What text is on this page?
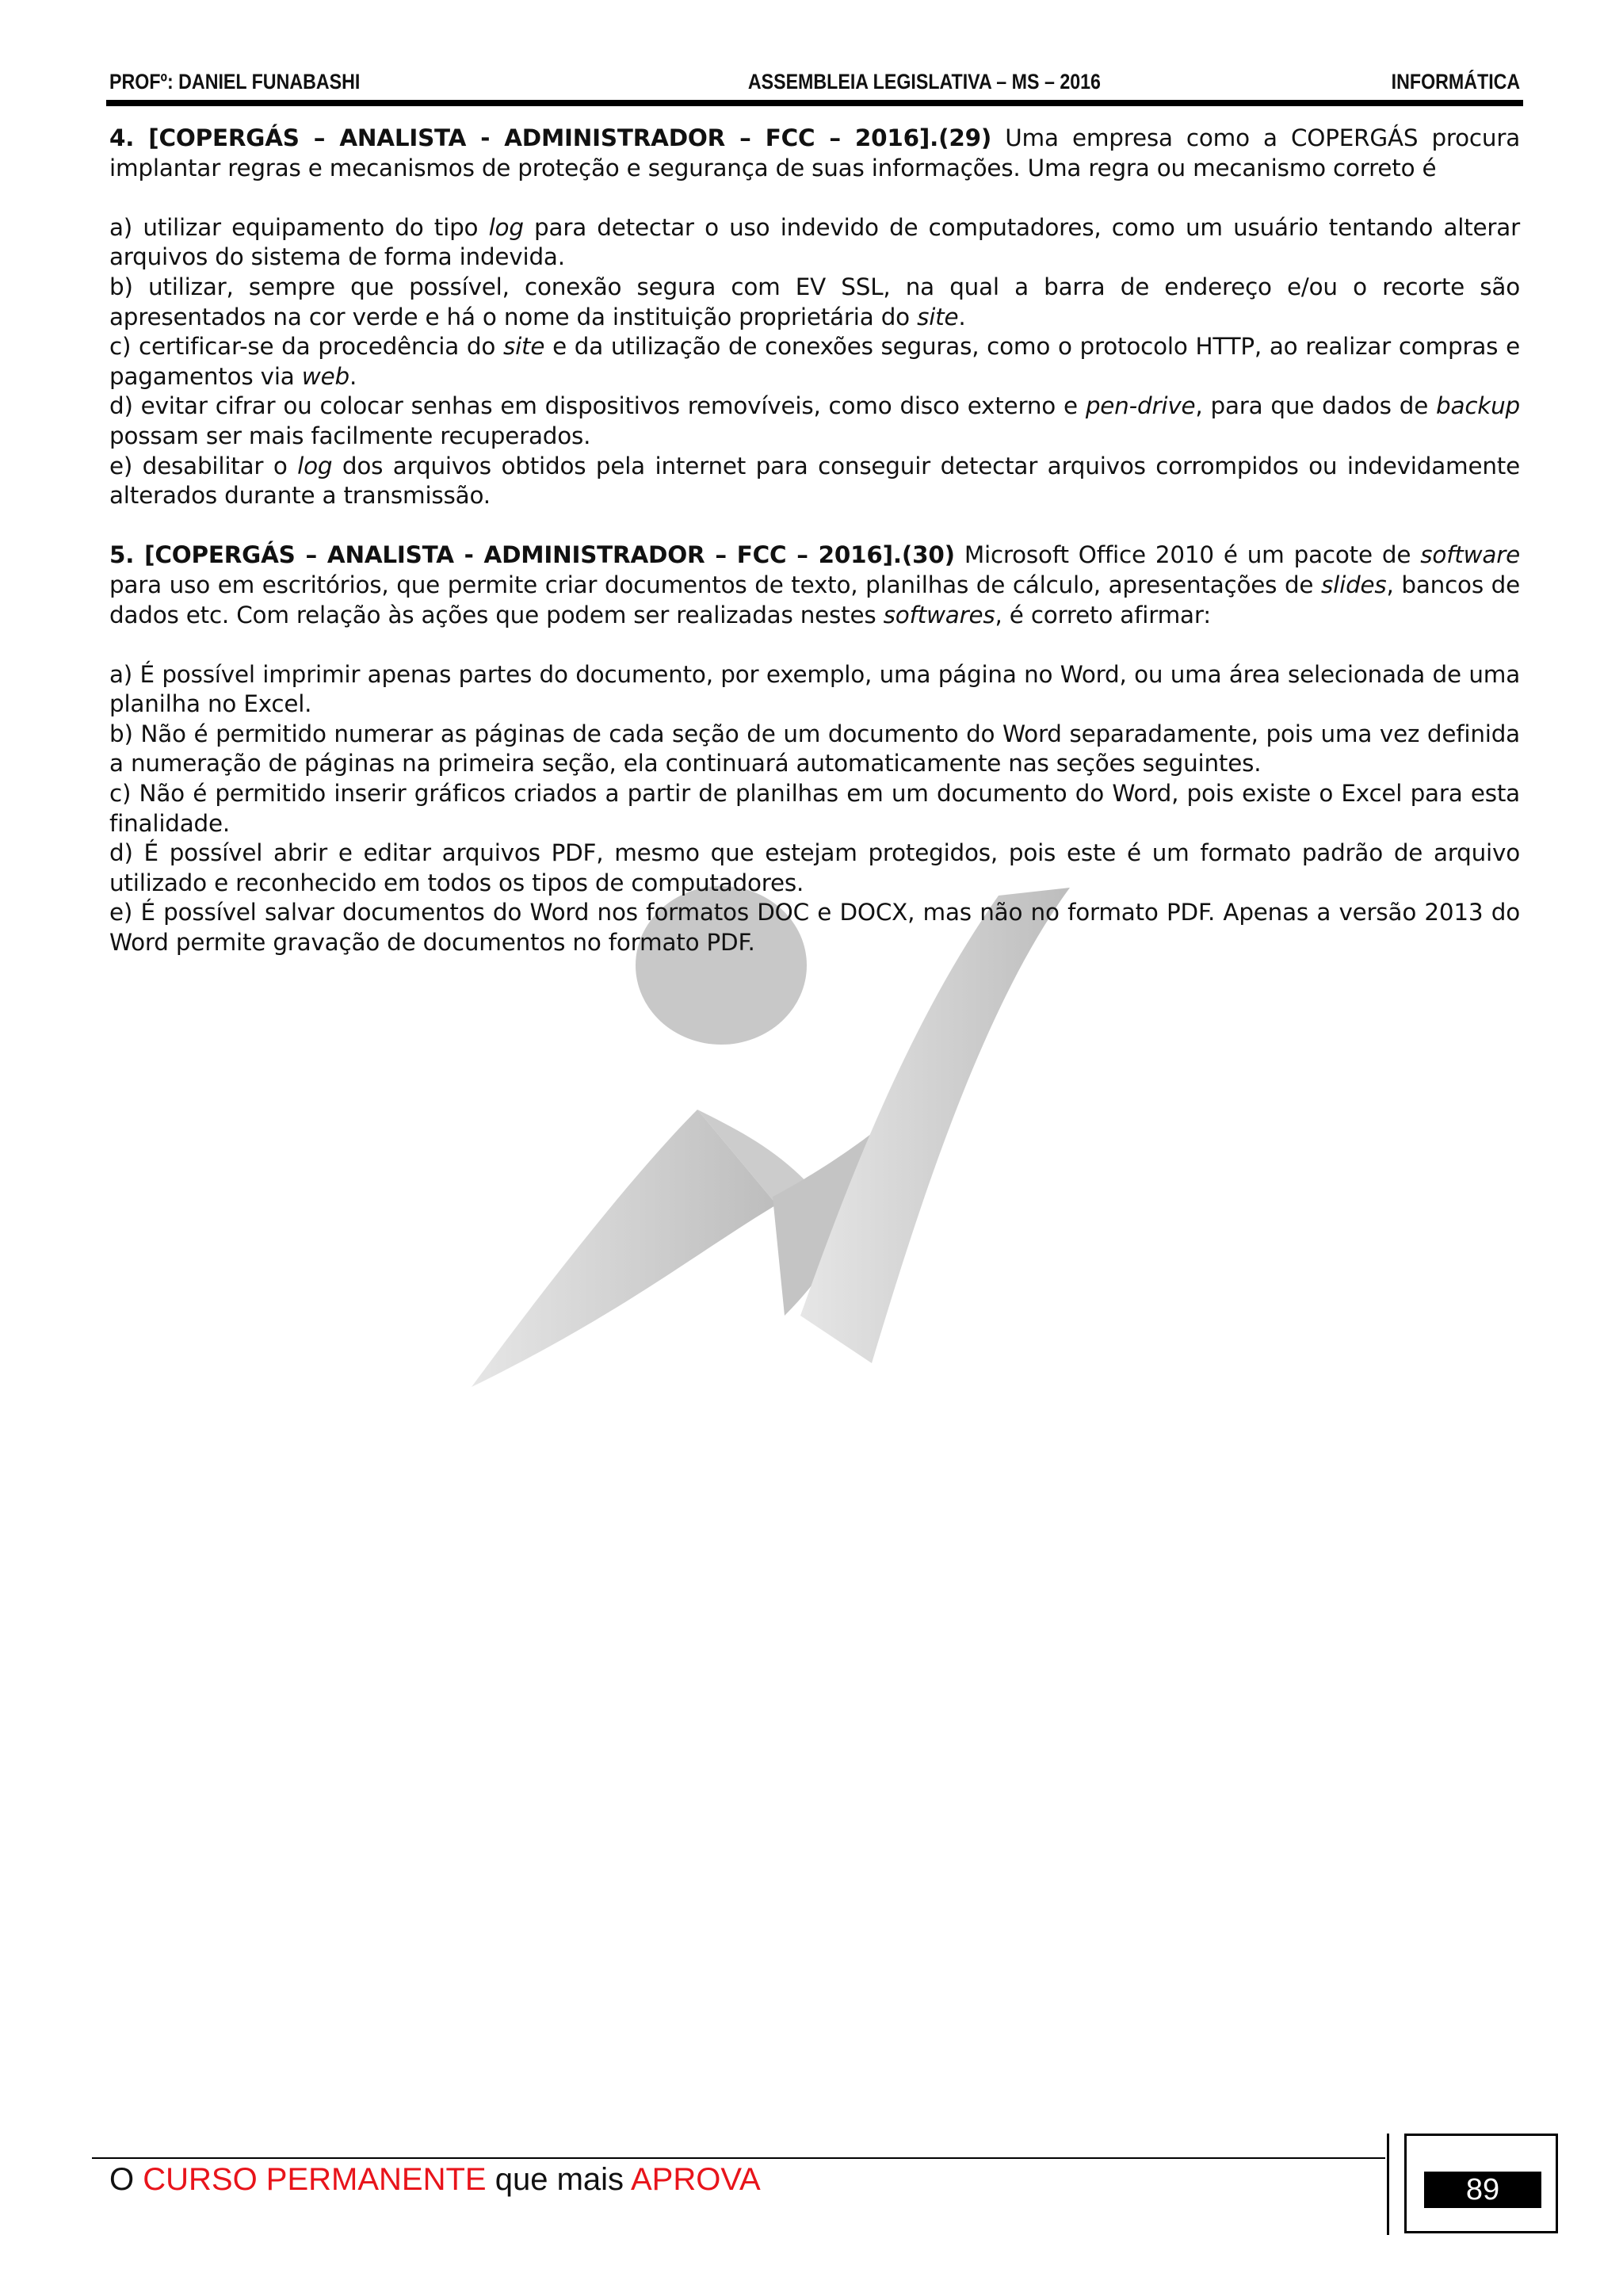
PROFº: DANIEL FUNABASHI	ASSEMBLEIA LEGISLATIVA – MS – 2016	INFORMÁTICA

4. [COPERGÁS – ANALISTA - ADMINISTRADOR – FCC – 2016].(29) Uma empresa como a COPERGÁS procura implantar regras e mecanismos de proteção e segurança de suas informações. Uma regra ou mecanismo correto é

a) utilizar equipamento do tipo log para detectar o uso indevido de computadores, como um usuário tentando alterar arquivos do sistema de forma indevida.

b) utilizar, sempre que possível, conexão segura com EV SSL, na qual a barra de endereço e/ou o recorte são apresentados na cor verde e há o nome da instituição proprietária do site.

c) certificar-se da procedência do site e da utilização de conexões seguras, como o protocolo HTTP, ao realizar compras e pagamentos via web.

d) evitar cifrar ou colocar senhas em dispositivos removíveis, como disco externo e pen-drive, para que dados de backup possam ser mais facilmente recuperados.

e) desabilitar o log dos arquivos obtidos pela internet para conseguir detectar arquivos corrompidos ou indevidamente alterados durante a transmissão.

5. [COPERGÁS – ANALISTA - ADMINISTRADOR – FCC – 2016].(30) Microsoft Office 2010 é um pacote de software para uso em escritórios, que permite criar documentos de texto, planilhas de cálculo, apresentações de slides, bancos de dados etc. Com relação às ações que podem ser realizadas nestes softwares, é correto afirmar:

a) É possível imprimir apenas partes do documento, por exemplo, uma página no Word, ou uma área selecionada de uma planilha no Excel.

b) Não é permitido numerar as páginas de cada seção de um documento do Word separadamente, pois uma vez definida a numeração de páginas na primeira seção, ela continuará automaticamente nas seções seguintes.

c) Não é permitido inserir gráficos criados a partir de planilhas em um documento do Word, pois existe o Excel para esta finalidade.

d) É possível abrir e editar arquivos PDF, mesmo que estejam protegidos, pois este é um formato padrão de arquivo utilizado e reconhecido em todos os tipos de computadores.

e) É possível salvar documentos do Word nos formatos DOC e DOCX, mas não no formato PDF. Apenas a versão 2013 do Word permite gravação de documentos no formato PDF.

O CURSO PERMANENTE que mais APROVA	89
